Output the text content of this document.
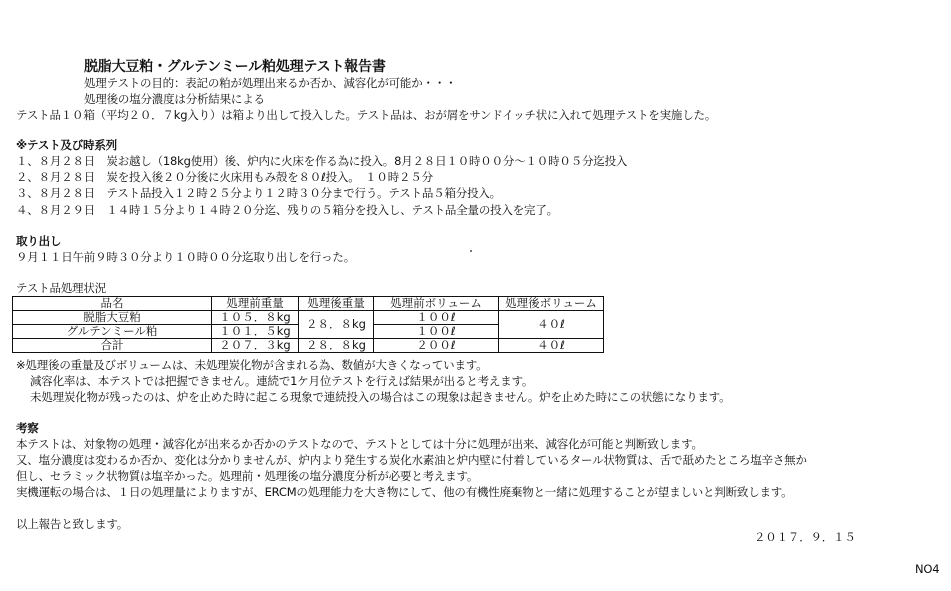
脱脂大豆粕・グルテンミール粕処理テスト報告書
処理テストの目的：表記の粕が処理出来るか否か、減容化が可能か・・・
処理後の塩分濃度は分析結果による
テスト品１０箱（平均２０．７kg入り）は箱より出して投入した。テスト品は、おが屑をサンドイッチ状に入れて処理テストを実施した。
※テスト及び時系列
１、８月２８日　炭お越し（18kg使用）後、炉内に火床を作る為に投入。8月２８日１０時００分～１０時０５分迄投入
２、８月２８日　炭を投入後２０分後に火床用もみ殻を８０ℓ投入。　１０時２５分
３、８月２８日　テスト品投入１２時２５分より１２時３０分まで行う。テスト品５箱分投入。
４、８月２９日　１４時１５分より１４時２０分迄、残りの５箱分を投入し、テスト品全量の投入を完了。
取り出し
９月１１日午前９時３０分より１０時００分迄取り出しを行った。
テスト品処理状況
品名	処理前重量	処理後重量	処理前ボリューム	処理後ボリューム
脱脂大豆粕	１０５．８kg	２８．８kg	１００ℓ	４０ℓ
グルテンミール粕	１０１．５kg		１００ℓ	
合計	２０７．３kg	２８．８kg	２００ℓ	４０ℓ
※処理後の重量及びボリュームは、未処理炭化物が含まれる為、数値が大きくなっています。
減容化率は、本テストでは把握できません。連続で1ケ月位テストを行えば結果が出ると考えます。
未処理炭化物が残ったのは、炉を止めた時に起こる現象で連続投入の場合はこの現象は起きません。炉を止めた時にこの状態になります。
考察
本テストは、対象物の処理・減容化が出来るか否かのテストなので、テストとしては十分に処理が出来、減容化が可能と判断致します。
又、塩分濃度は変わるか否か、変化は分かりませんが、炉内より発生する炭化水素油と炉内壁に付着しているタール状物質は、舌で舐めたところ塩辛さ無か
但し、セラミック状物質は塩辛かった。処理前・処理後の塩分濃度分析が必要と考えます。
実機運転の場合は、１日の処理量によりますが、ERCMの処理能力を大き物にして、他の有機性廃棄物と一緒に処理することが望ましいと判断致します。
以上報告と致します。
２０１７．９．１５
NO4
